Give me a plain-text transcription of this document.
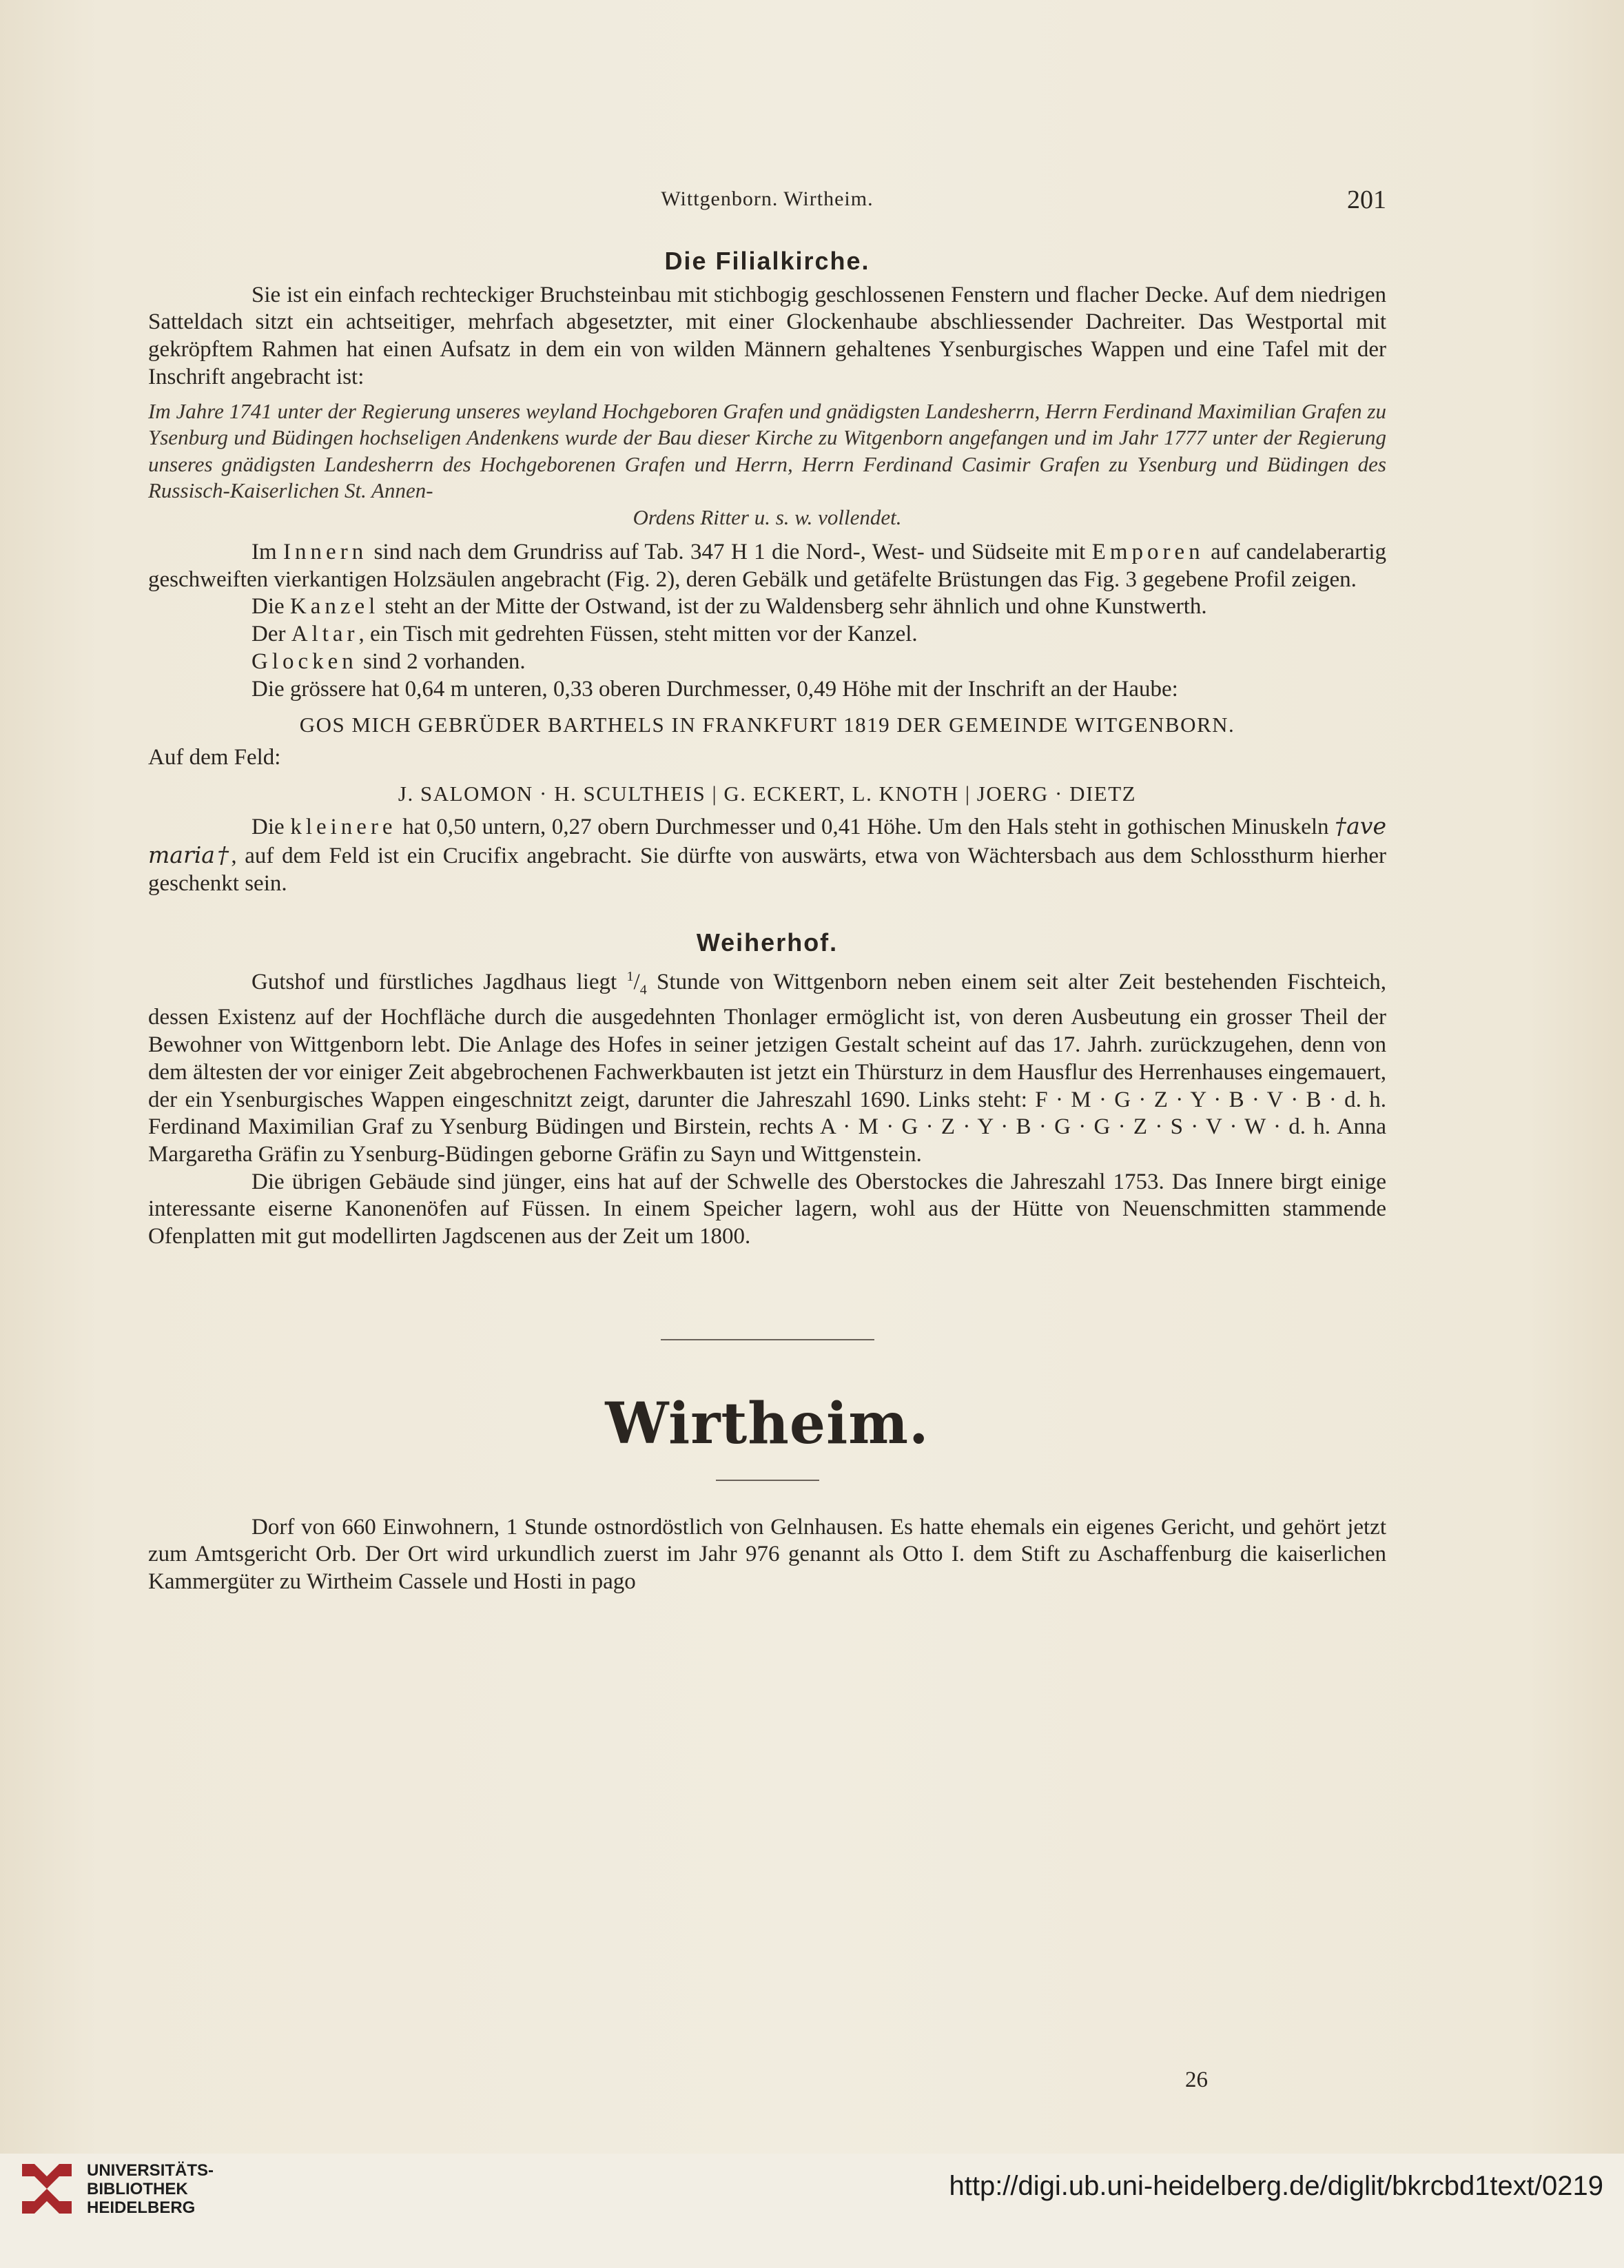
Wittgenborn. Wirtheim.	201
Die Filialkirche.

Sie ist ein einfach rechteckiger Bruchsteinbau mit stichbogig geschlossenen Fenstern und flacher Decke. Auf dem niedrigen Satteldach sitzt ein achtseitiger, mehrfach abgesetzter, mit einer Glockenhaube abschliessender Dachreiter. Das Westportal mit gekröpftem Rahmen hat einen Aufsatz in dem ein von wilden Männern gehaltenes Ysenburgisches Wappen und eine Tafel mit der Inschrift angebracht ist:

Im Jahre 1741 unter der Regierung unseres weyland Hochgeboren Grafen und gnädigsten Landesherrn, Herrn Ferdinand Maximilian Grafen zu Ysenburg und Büdingen hochseligen Andenkens wurde der Bau dieser Kirche zu Witgenborn angefangen und im Jahr 1777 unter der Regierung unseres gnädigsten Landesherrn des Hochgeborenen Grafen und Herrn, Herrn Ferdinand Casimir Grafen zu Ysenburg und Büdingen des Russisch-Kaiserlichen St. Annen-
Ordens Ritter u. s. w. vollendet.

Im Innern sind nach dem Grundriss auf Tab. 347 H 1 die Nord-, West- und Südseite mit Emporen auf candelaberartig geschweiften vierkantigen Holzsäulen angebracht (Fig. 2), deren Gebälk und getäfelte Brüstungen das Fig. 3 gegebene Profil zeigen.

Die Kanzel steht an der Mitte der Ostwand, ist der zu Waldensberg sehr ähnlich und ohne Kunstwerth.

Der Altar, ein Tisch mit gedrehten Füssen, steht mitten vor der Kanzel.

Glocken sind 2 vorhanden.

Die grössere hat 0,64 m unteren, 0,33 oberen Durchmesser, 0,49 Höhe mit der Inschrift an der Haube:

GOS MICH GEBRÜDER BARTHELS IN FRANKFURT 1819 DER GEMEINDE WITGENBORN.

Auf dem Feld:

J. SALOMON · H. SCULTHEIS | G. ECKERT, L. KNOTH | JOERG · DIETZ

Die kleinere hat 0,50 untern, 0,27 obern Durchmesser und 0,41 Höhe. Um den Hals steht in gothischen Minuskeln †ave maria†, auf dem Feld ist ein Crucifix angebracht. Sie dürfte von auswärts, etwa von Wächtersbach aus dem Schlossthurm hierher geschenkt sein.

Weiherhof.

Gutshof und fürstliches Jagdhaus liegt $^1/_4$ Stunde von Wittgenborn neben einem seit alter Zeit bestehenden Fischteich, dessen Existenz auf der Hochfläche durch die ausgedehnten Thonlager ermöglicht ist, von deren Ausbeutung ein grosser Theil der Bewohner von Wittgenborn lebt. Die Anlage des Hofes in seiner jetzigen Gestalt scheint auf das 17. Jahrh. zurückzugehen, denn von dem ältesten der vor einiger Zeit abgebrochenen Fachwerkbauten ist jetzt ein Thürsturz in dem Hausflur des Herrenhauses eingemauert, der ein Ysenburgisches Wappen eingeschnitzt zeigt, darunter die Jahreszahl 1690. Links steht: F · M · G · Z · Y · B · V · B · d. h. Ferdinand Maximilian Graf zu Ysenburg Büdingen und Birstein, rechts A · M · G · Z · Y · B · G · G · Z · S · V · W · d. h. Anna Margaretha Gräfin zu Ysenburg-Büdingen geborne Gräfin zu Sayn und Wittgenstein.

Die übrigen Gebäude sind jünger, eins hat auf der Schwelle des Oberstockes die Jahreszahl 1753. Das Innere birgt einige interessante eiserne Kanonenöfen auf Füssen. In einem Speicher lagern, wohl aus der Hütte von Neuenschmitten stammende Ofenplatten mit gut modellirten Jagdscenen aus der Zeit um 1800.

Wirtheim.

Dorf von 660 Einwohnern, 1 Stunde ostnordöstlich von Gelnhausen. Es hatte ehemals ein eigenes Gericht, und gehört jetzt zum Amtsgericht Orb. Der Ort wird urkundlich zuerst im Jahr 976 genannt als Otto I. dem Stift zu Aschaffenburg die kaiserlichen Kammergüter zu Wirtheim Cassele und Hosti in pago

26
UNIVERSITÄTS-
BIBLIOTHEK
HEIDELBERG
http://digi.ub.uni-heidelberg.de/diglit/bkrcbd1text/0219
